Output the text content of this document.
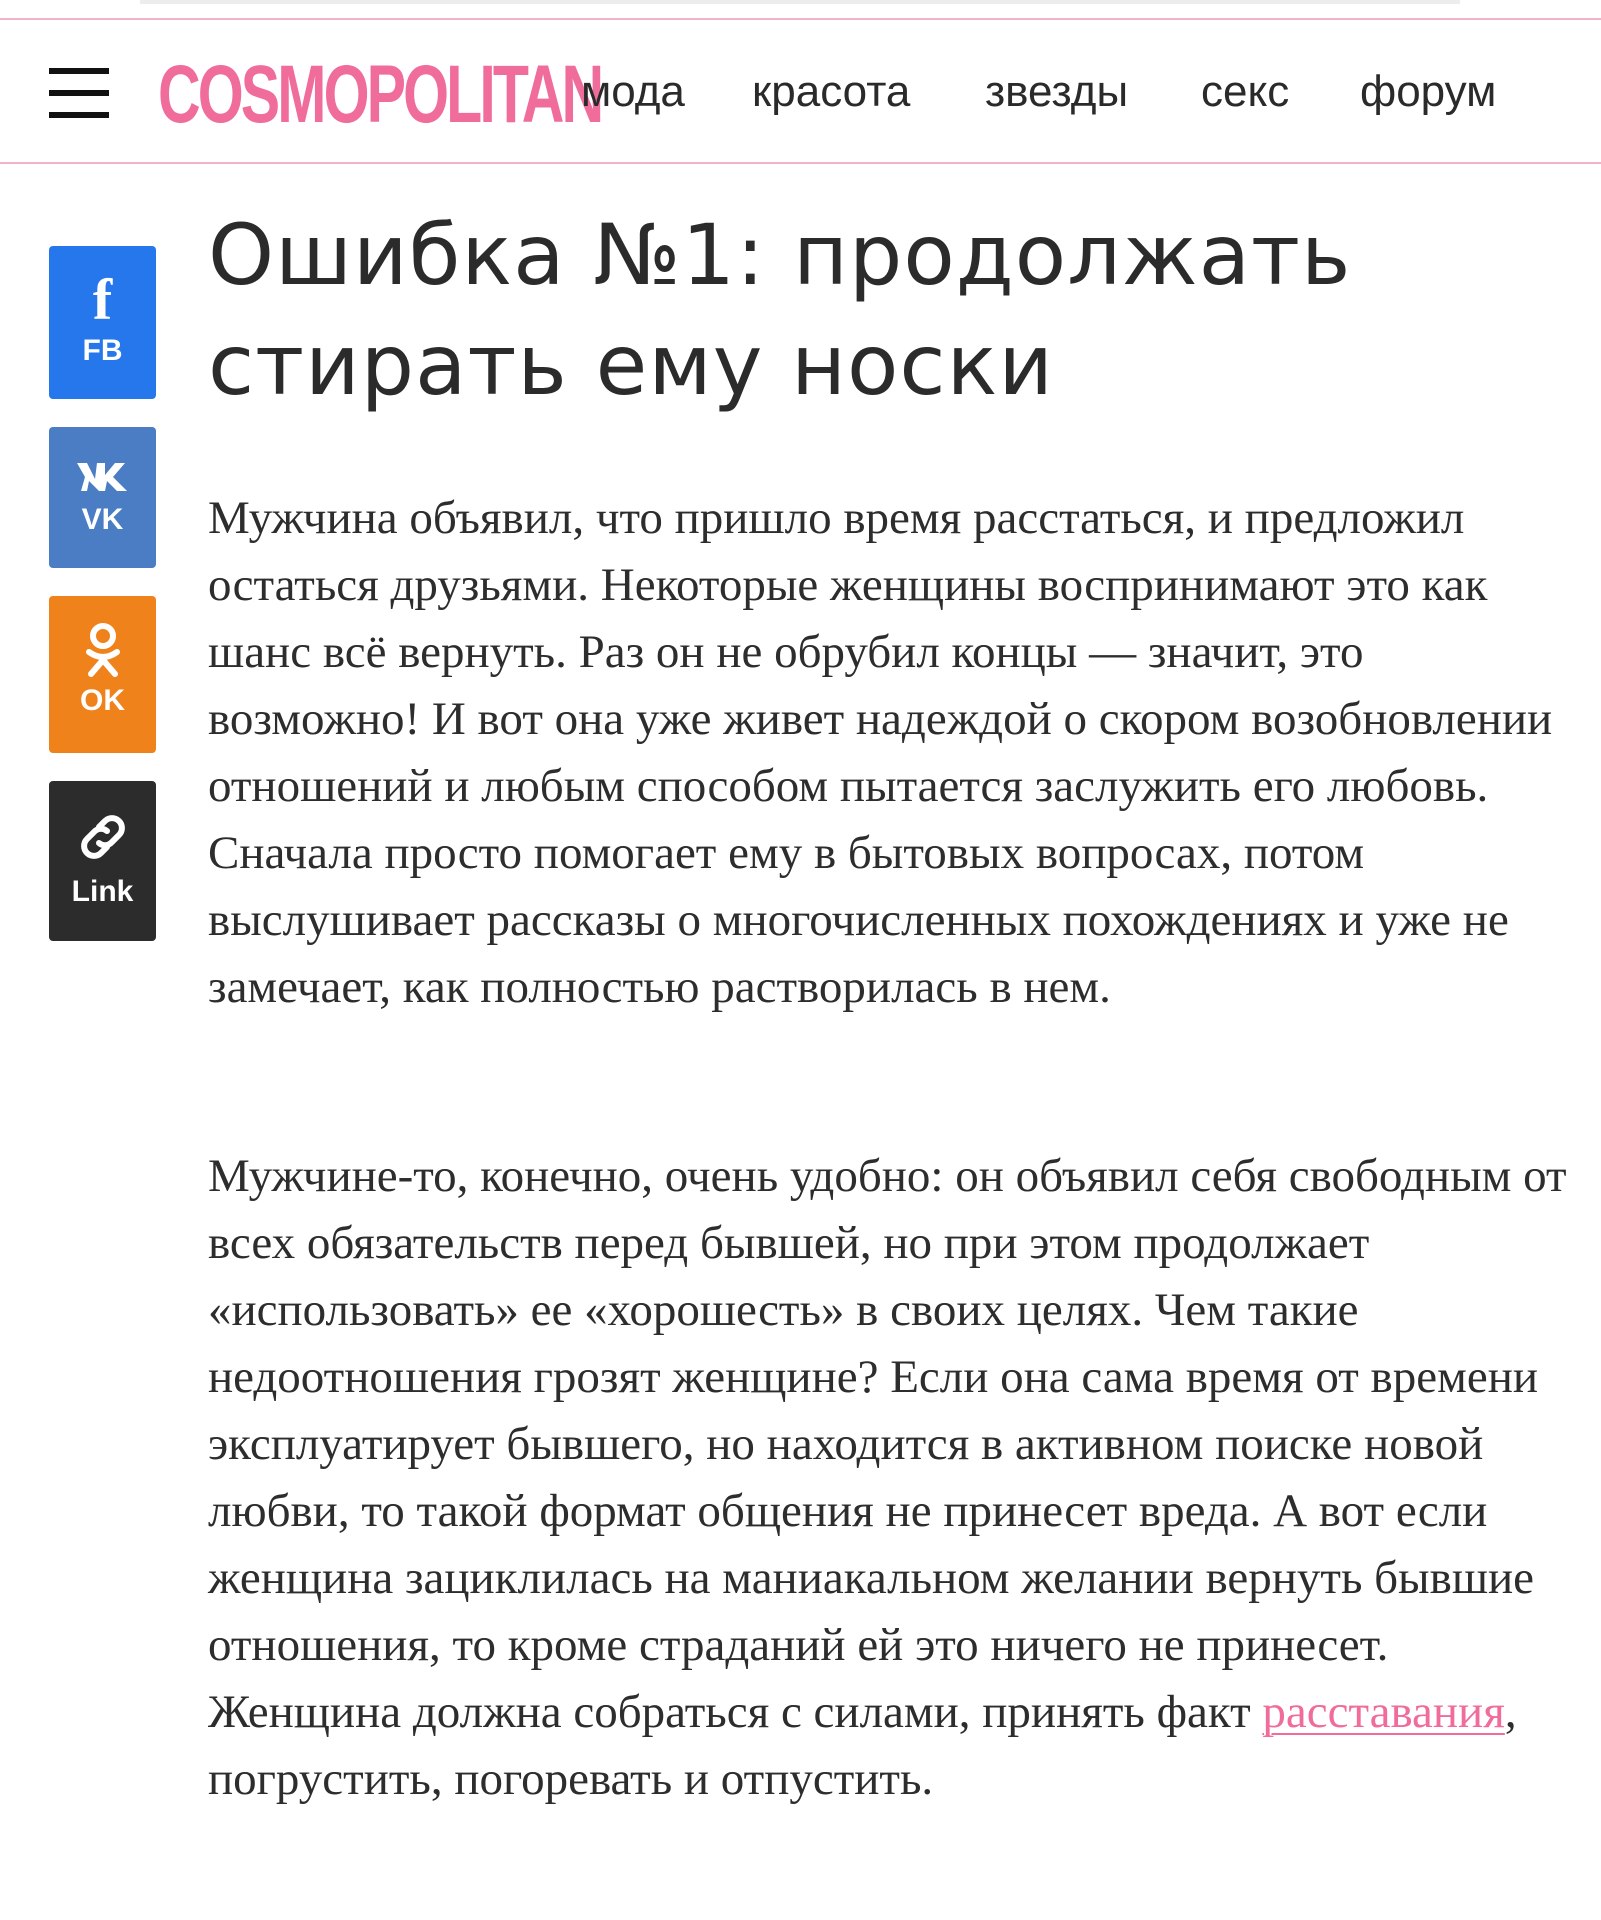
COSMOPOLITAN
мода красота звезды секс форум
f
FB
VK
OK
Link
Ошибка №1: продолжать стирать ему носки

Мужчина объявил, что пришло время расстаться, и предложил остаться друзьями. Некоторые женщины воспринимают это как шанс всё вернуть. Раз он не обрубил концы — значит, это возможно! И вот она уже живет надеждой о скором возобновлении отношений и любым способом пытается заслужить его любовь. Сначала просто помогает ему в бытовых вопросах, потом выслушивает рассказы о многочисленных похождениях и уже не замечает, как полностью растворилась в нем.

Мужчине-то, конечно, очень удобно: он объявил себя свободным от всех обязательств перед бывшей, но при этом продолжает «использовать» ее «хорошесть» в своих целях. Чем такие недоотношения грозят женщине? Если она сама время от времени эксплуатирует бывшего, но находится в активном поиске новой любви, то такой формат общения не принесет вреда. А вот если женщина зациклилась на маниакальном желании вернуть бывшие отношения, то кроме страданий ей это ничего не принесет. Женщина должна собраться с силами, принять факт расставания, погрустить, погоревать и отпустить.
